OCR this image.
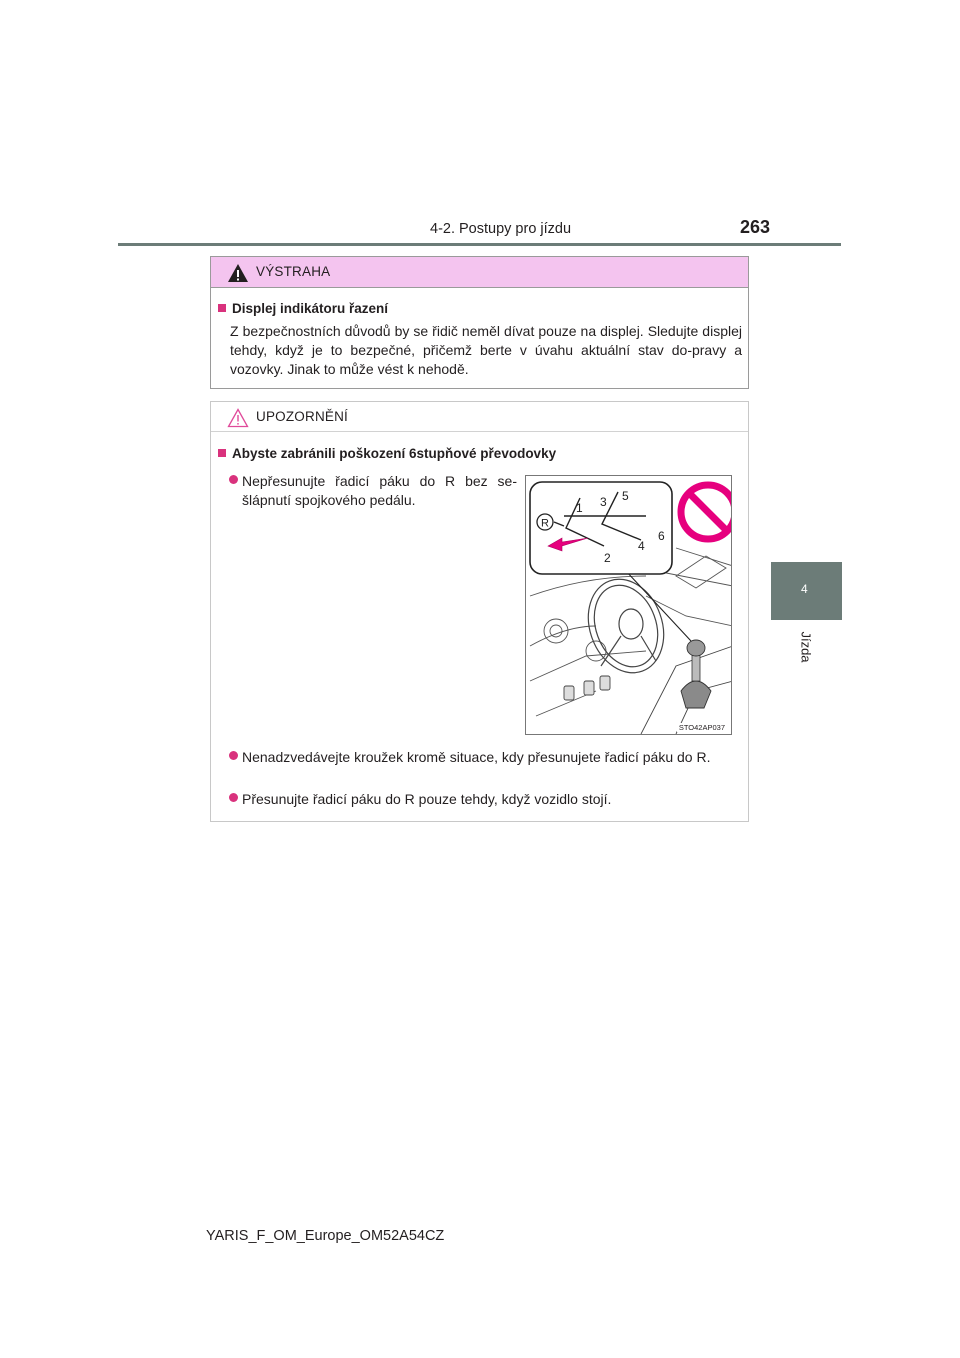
4-2. Postupy pro jízdu	263
4
Jízda
VÝSTRAHA
Displej indikátoru řazení
Z bezpečnostních důvodů by se řidič neměl dívat pouze na displej. Sledujte displej tehdy, když je to bezpečné, přičemž berte v úvahu aktuální stav do-pravy a vozovky. Jinak to může vést k nehodě.
UPOZORNĚNÍ
Abyste zabránili poškození 6stupňové převodovky
Nepřesunujte řadicí páku do R bez se-šlápnutí spojkového pedálu.
Nenadzvedávejte kroužek kromě situace, kdy přesunujete řadicí páku do R.
Přesunujte řadicí páku do R pouze tehdy, když vozidlo stojí.
R
1
2
3
4
5
6
STO42AP037
YARIS_F_OM_Europe_OM52A54CZ
